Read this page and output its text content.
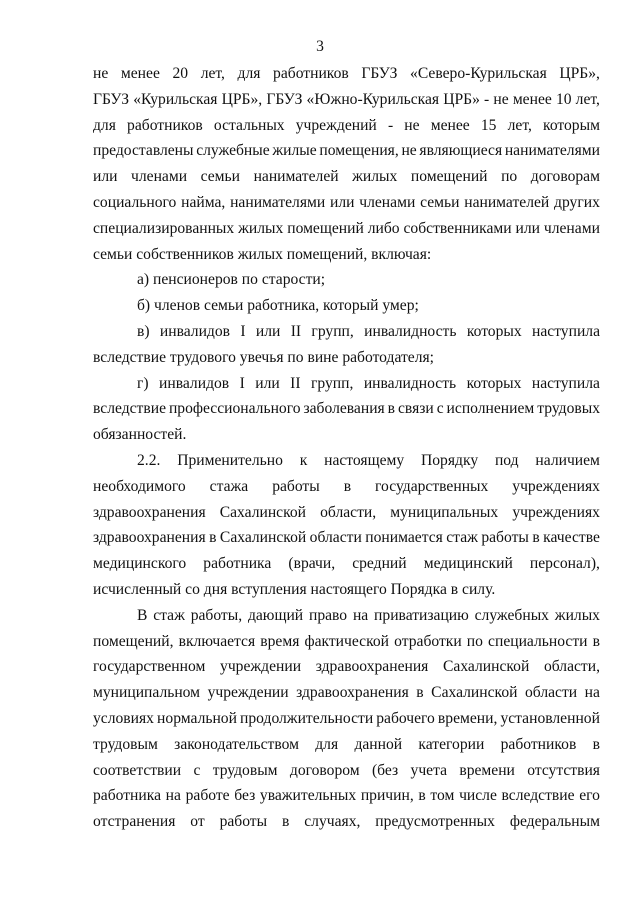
3
не менее 20 лет, для работников ГБУЗ «Северо-Курильская ЦРБ»,
ГБУЗ «Курильская ЦРБ», ГБУЗ «Южно-Курильская ЦРБ» - не менее 10 лет,
для работников остальных учреждений - не менее 15 лет, которым
предоставлены служебные жилые помещения, не являющиеся нанимателями
или членами семьи нанимателей жилых помещений по договорам
социального найма, нанимателями или членами семьи нанимателей других
специализированных жилых помещений либо собственниками или членами
семьи собственников жилых помещений, включая:
а) пенсионеров по старости;
б) членов семьи работника, который умер;
в) инвалидов I или II групп, инвалидность которых наступила
вследствие трудового увечья по вине работодателя;
г) инвалидов I или II групп, инвалидность которых наступила
вследствие профессионального заболевания в связи с исполнением трудовых
обязанностей.
2.2. Применительно к настоящему Порядку под наличием
необходимого стажа работы в государственных учреждениях
здравоохранения Сахалинской области, муниципальных учреждениях
здравоохранения в Сахалинской области понимается стаж работы в качестве
медицинского работника (врачи, средний медицинский персонал),
исчисленный со дня вступления настоящего Порядка в силу.
В стаж работы, дающий право на приватизацию служебных жилых
помещений, включается время фактической отработки по специальности в
государственном учреждении здравоохранения Сахалинской области,
муниципальном учреждении здравоохранения в Сахалинской области на
условиях нормальной продолжительности рабочего времени, установленной
трудовым законодательством для данной категории работников в
соответствии с трудовым договором (без учета времени отсутствия
работника на работе без уважительных причин, в том числе вследствие его
отстранения от работы в случаях, предусмотренных федеральным
